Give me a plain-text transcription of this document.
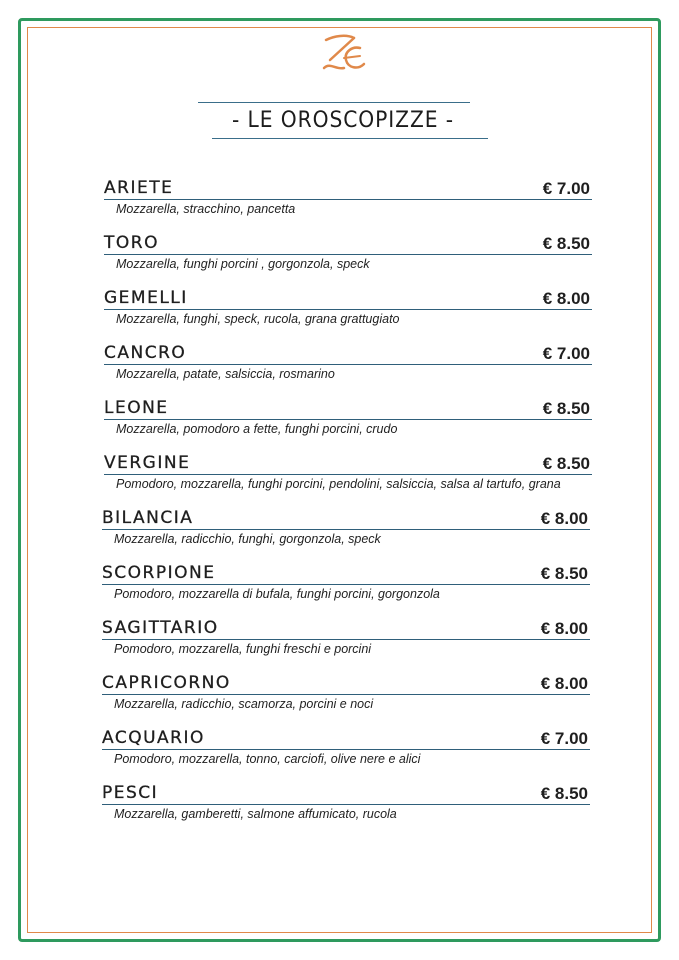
- LE OROSCOPIZZE -
ARIETE	€ 7.00
Mozzarella, stracchino, pancetta
TORO	€ 8.50
Mozzarella, funghi porcini , gorgonzola, speck
GEMELLI	€ 8.00
Mozzarella, funghi, speck, rucola, grana grattugiato
CANCRO	€ 7.00
Mozzarella, patate, salsiccia, rosmarino
LEONE	€ 8.50
Mozzarella, pomodoro a fette, funghi porcini, crudo
VERGINE	€ 8.50
Pomodoro, mozzarella, funghi porcini, pendolini, salsiccia, salsa al tartufo, grana
BILANCIA	€ 8.00
Mozzarella, radicchio, funghi, gorgonzola, speck
SCORPIONE	€ 8.50
Pomodoro, mozzarella di bufala, funghi porcini, gorgonzola
SAGITTARIO	€ 8.00
Pomodoro, mozzarella, funghi freschi e porcini
CAPRICORNO	€ 8.00
Mozzarella, radicchio, scamorza, porcini e noci
ACQUARIO	€ 7.00
Pomodoro, mozzarella, tonno, carciofi, olive nere e alici
PESCI	€ 8.50
Mozzarella, gamberetti, salmone affumicato, rucola
